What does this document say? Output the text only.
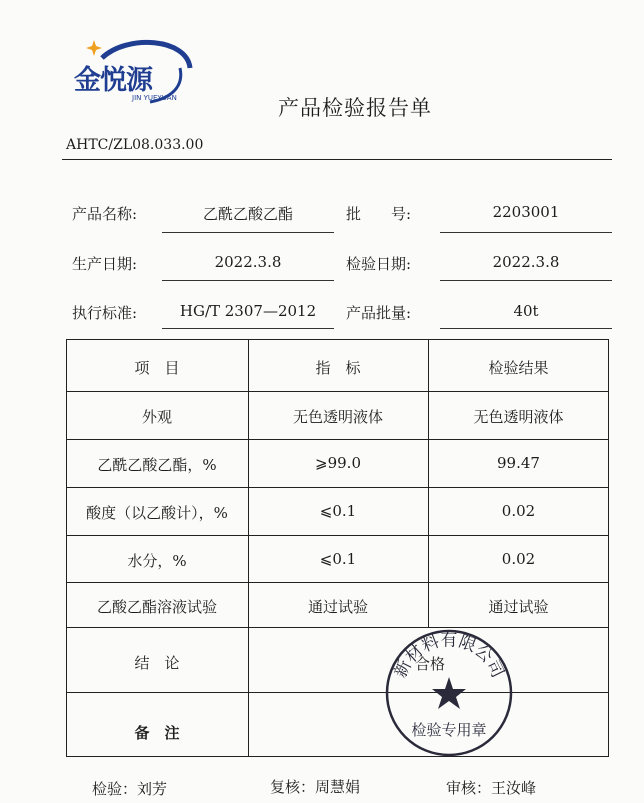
金悦源
JIN YUEYUAN	产品检验报告单
AHTC/ZL08.033.00
产品名称:	乙酰乙酸乙酯	批　　号:	2203001
生产日期:	2022.3.8	检验日期:	2022.3.8
执行标准:	HG/T 2307—2012	产品批量:	40t
项　目	指　标	检验结果
外观	无色透明液体	无色透明液体
乙酰乙酸乙酯，%	⩾99.0	99.47
酸度（以乙酸计），%	⩽0.1	0.02
水分，%	⩽0.1	0.02
乙酸乙酯溶液试验	通过试验	通过试验
结　论	合格
备　注
新材料有限公司
检验专用章
检验：刘芳	复核：周慧娟	审核：王汝峰
